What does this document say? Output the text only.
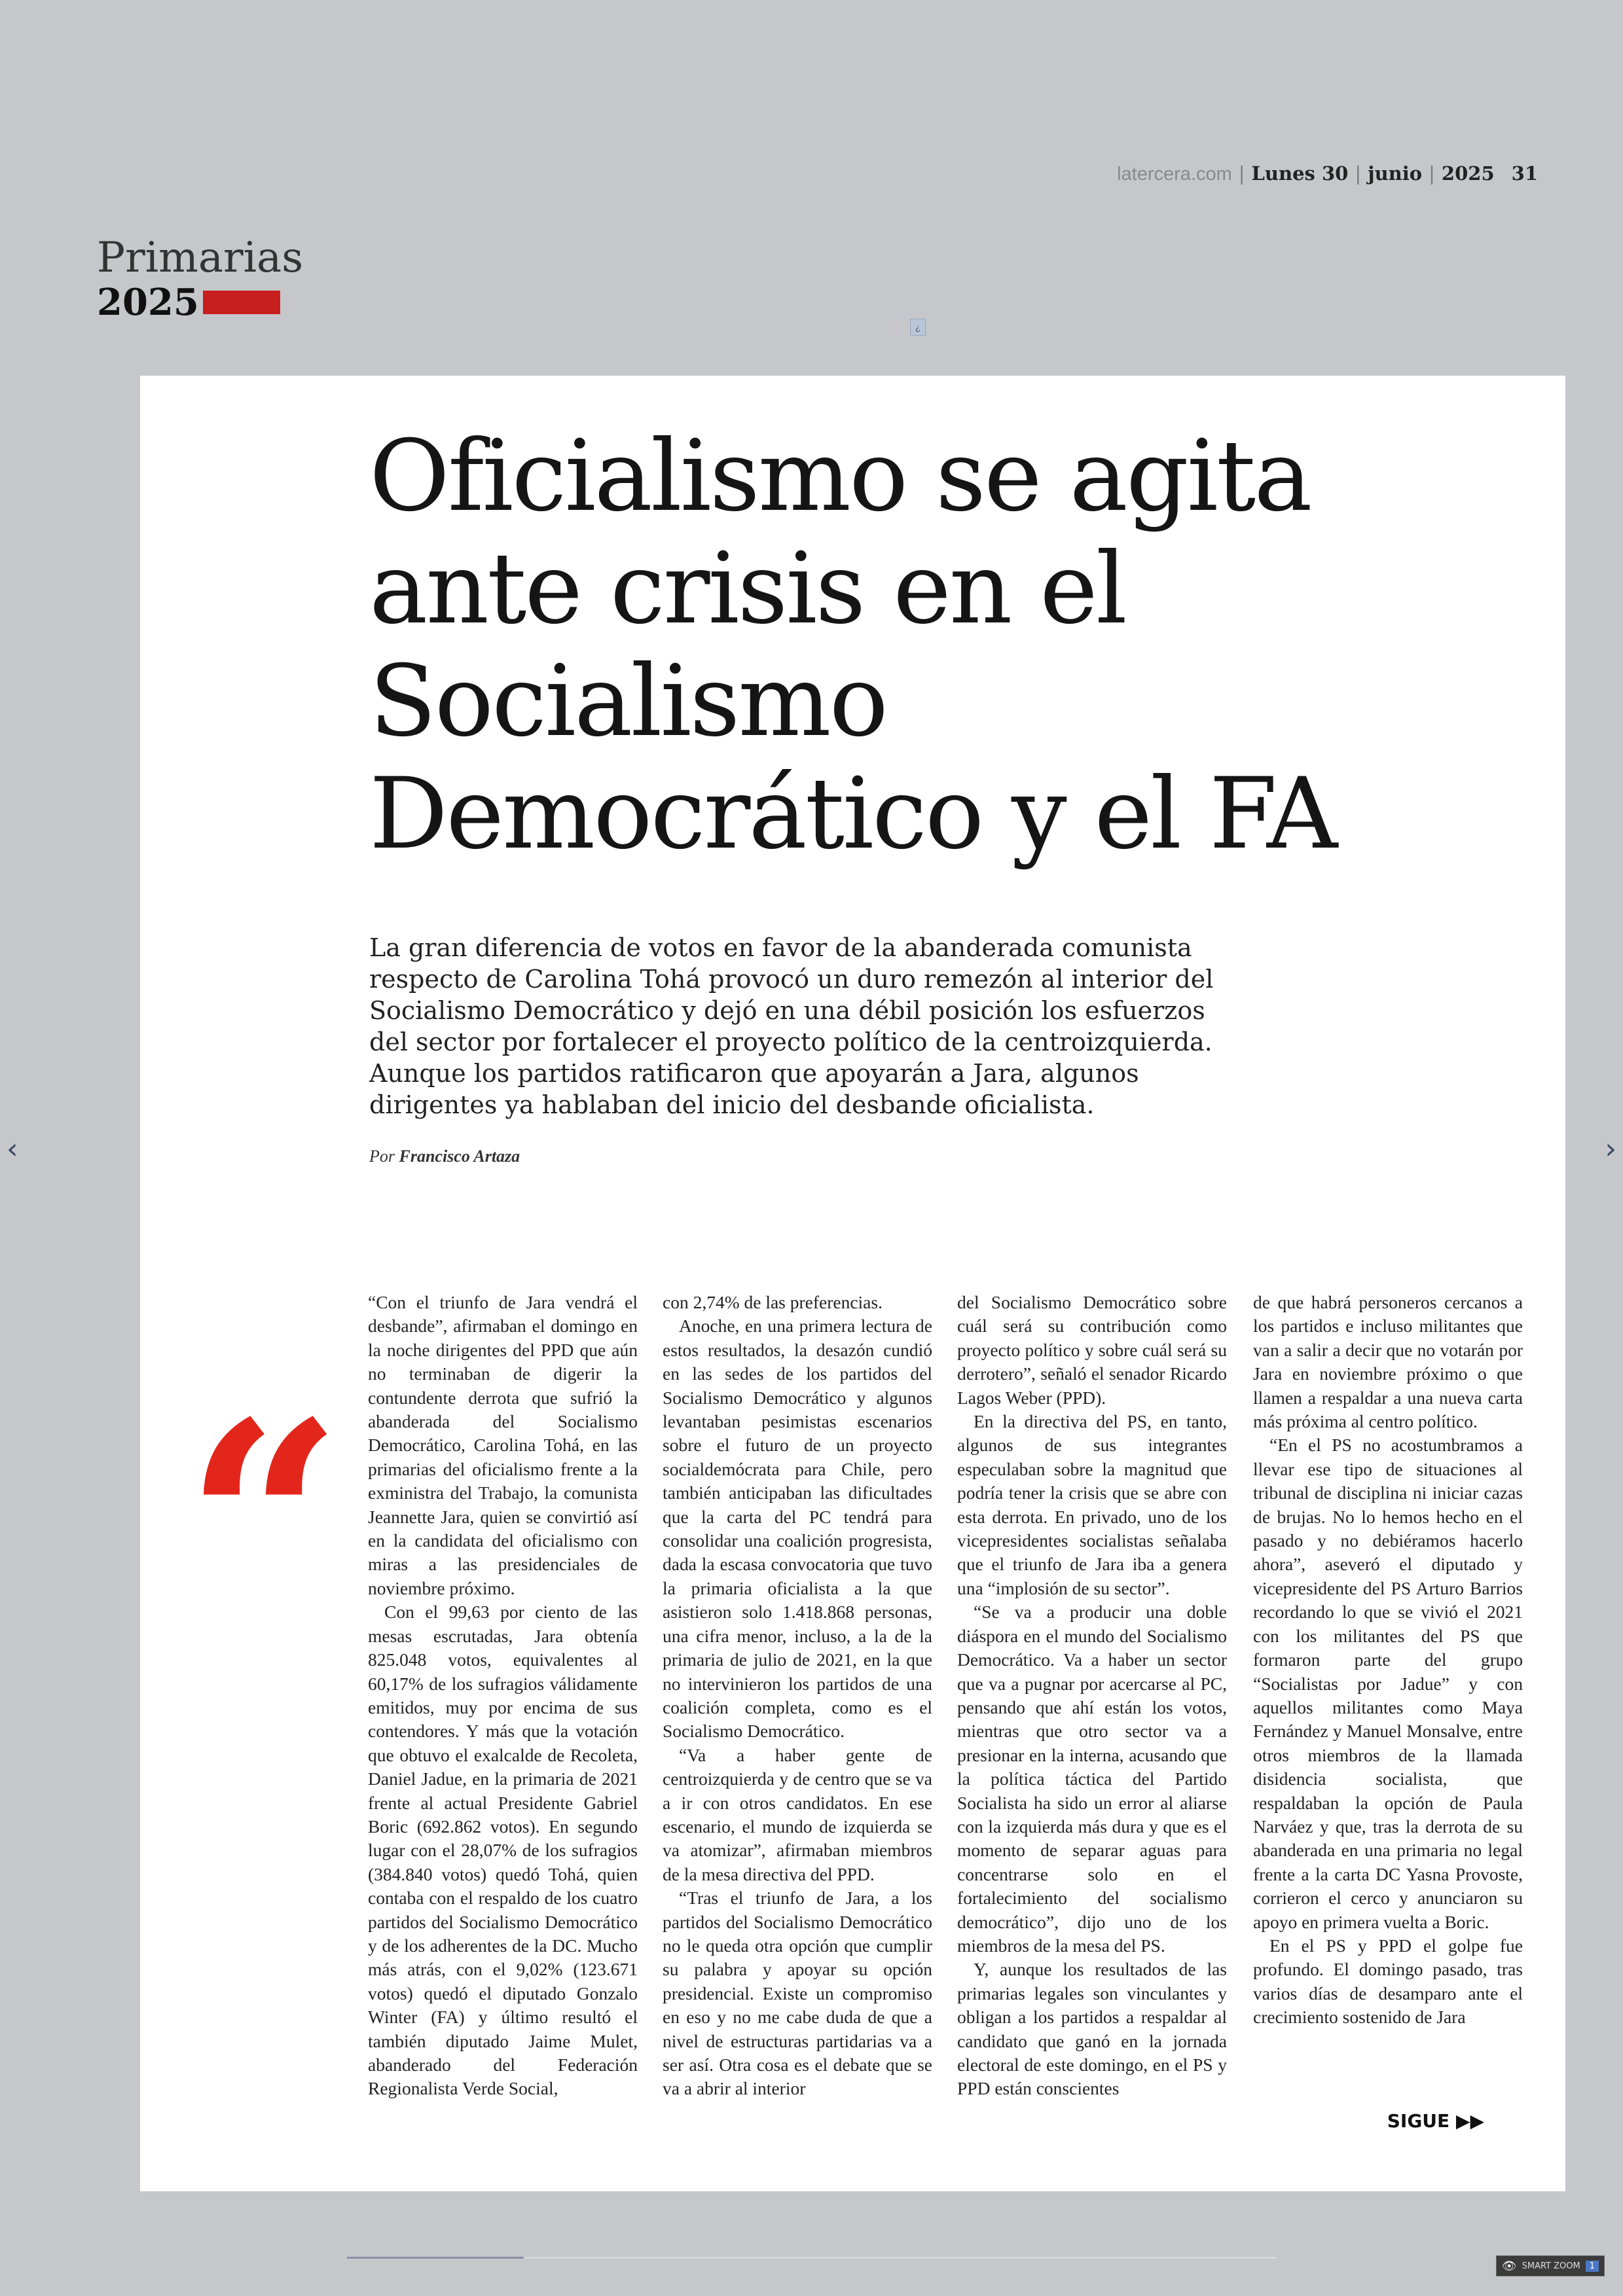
latercera.com | Lunes 30 | junio | 2025 31
Primarias
2025
¿
Oficialismo se agita ante crisis en el Socialismo Democrático y el FA

La gran diferencia de votos en favor de la abanderada comunista respecto de Carolina Tohá provocó un duro remezón al interior del Socialismo Democrático y dejó en una débil posición los esfuerzos del sector por fortalecer el proyecto político de la centroizquierda. Aunque los partidos ratificaron que apoyarán a Jara, algunos dirigentes ya hablaban del inicio del desbande oficialista.

Por Francisco Artaza
“

“Con el triunfo de Jara vendrá el desbande”, afirmaban el domingo en la noche dirigentes del PPD que aún no terminaban de digerir la contundente derrota que sufrió la abanderada del Socialismo Democrático, Carolina Tohá, en las primarias del oficialismo frente a la exministra del Trabajo, la comunista Jeannette Jara, quien se convirtió así en la candidata del oficialismo con miras a las presidenciales de noviembre próximo.

Con el 99,63 por ciento de las mesas escrutadas, Jara obtenía 825.048 votos, equivalentes al 60,17% de los sufragios válidamente emitidos, muy por encima de sus contendores. Y más que la votación que obtuvo el exalcalde de Recoleta, Daniel Jadue, en la primaria de 2021 frente al actual Presidente Gabriel Boric (692.862 votos). En segundo lugar con el 28,07% de los sufragios (384.840 votos) quedó Tohá, quien contaba con el respaldo de los cuatro partidos del Socialismo Democrático y de los adherentes de la DC. Mucho más atrás, con el 9,02% (123.671 votos) quedó el diputado Gonzalo Winter (FA) y último resultó el también diputado Jaime Mulet, abanderado del Federación Regionalista Verde Social,

con 2,74% de las preferencias.

Anoche, en una primera lectura de estos resultados, la desazón cundió en las sedes de los partidos del Socialismo Democrático y algunos levantaban pesimistas escenarios sobre el futuro de un proyecto socialdemócrata para Chile, pero también anticipaban las dificultades que la carta del PC tendrá para consolidar una coalición progresista, dada la escasa convocatoria que tuvo la primaria oficialista a la que asistieron solo 1.418.868 personas, una cifra menor, incluso, a la de la primaria de julio de 2021, en la que no intervinieron los partidos de una coalición completa, como es el Socialismo Democrático.

“Va a haber gente de centroizquierda y de centro que se va a ir con otros candidatos. En ese escenario, el mundo de izquierda se va atomizar”, afirmaban miembros de la mesa directiva del PPD.

“Tras el triunfo de Jara, a los partidos del Socialismo Democrático no le queda otra opción que cumplir su palabra y apoyar su opción presidencial. Existe un compromiso en eso y no me cabe duda de que a nivel de estructuras partidarias va a ser así. Otra cosa es el debate que se va a abrir al interior

del Socialismo Democrático sobre cuál será su contribución como proyecto político y sobre cuál será su derrotero”, señaló el senador Ricardo Lagos Weber (PPD).

En la directiva del PS, en tanto, algunos de sus integrantes especulaban sobre la magnitud que podría tener la crisis que se abre con esta derrota. En privado, uno de los vicepresidentes socialistas señalaba que el triunfo de Jara iba a genera una “implosión de su sector”.

“Se va a producir una doble diáspora en el mundo del Socialismo Democrático. Va a haber un sector que va a pugnar por acercarse al PC, pensando que ahí están los votos, mientras que otro sector va a presionar en la interna, acusando que la política táctica del Partido Socialista ha sido un error al aliarse con la izquierda más dura y que es el momento de separar aguas para concentrarse solo en el fortalecimiento del socialismo democrático”, dijo uno de los miembros de la mesa del PS.

Y, aunque los resultados de las primarias legales son vinculantes y obligan a los partidos a respaldar al candidato que ganó en la jornada electoral de este domingo, en el PS y PPD están conscientes

de que habrá personeros cercanos a los partidos e incluso militantes que van a salir a decir que no votarán por Jara en noviembre próximo o que llamen a respaldar a una nueva carta más próxima al centro político.

“En el PS no acostumbramos a llevar ese tipo de situaciones al tribunal de disciplina ni iniciar cazas de brujas. No lo hemos hecho en el pasado y no debiéramos hacerlo ahora”, aseveró el diputado y vicepresidente del PS Arturo Barrios recordando lo que se vivió el 2021 con los militantes del PS que formaron parte del grupo “Socialistas por Jadue” y con aquellos militantes como Maya Fernández y Manuel Monsalve, entre otros miembros de la llamada disidencia socialista, que respaldaban la opción de Paula Narváez y que, tras la derrota de su abanderada en una primaria no legal frente a la carta DC Yasna Provoste, corrieron el cerco y anunciaron su apoyo en primera vuelta a Boric.

En el PS y PPD el golpe fue profundo. El domingo pasado, tras varios días de desamparo ante el crecimiento sostenido de Jara

SIGUE ▶▶
‹	›
👁 SMART ZOOM	1
